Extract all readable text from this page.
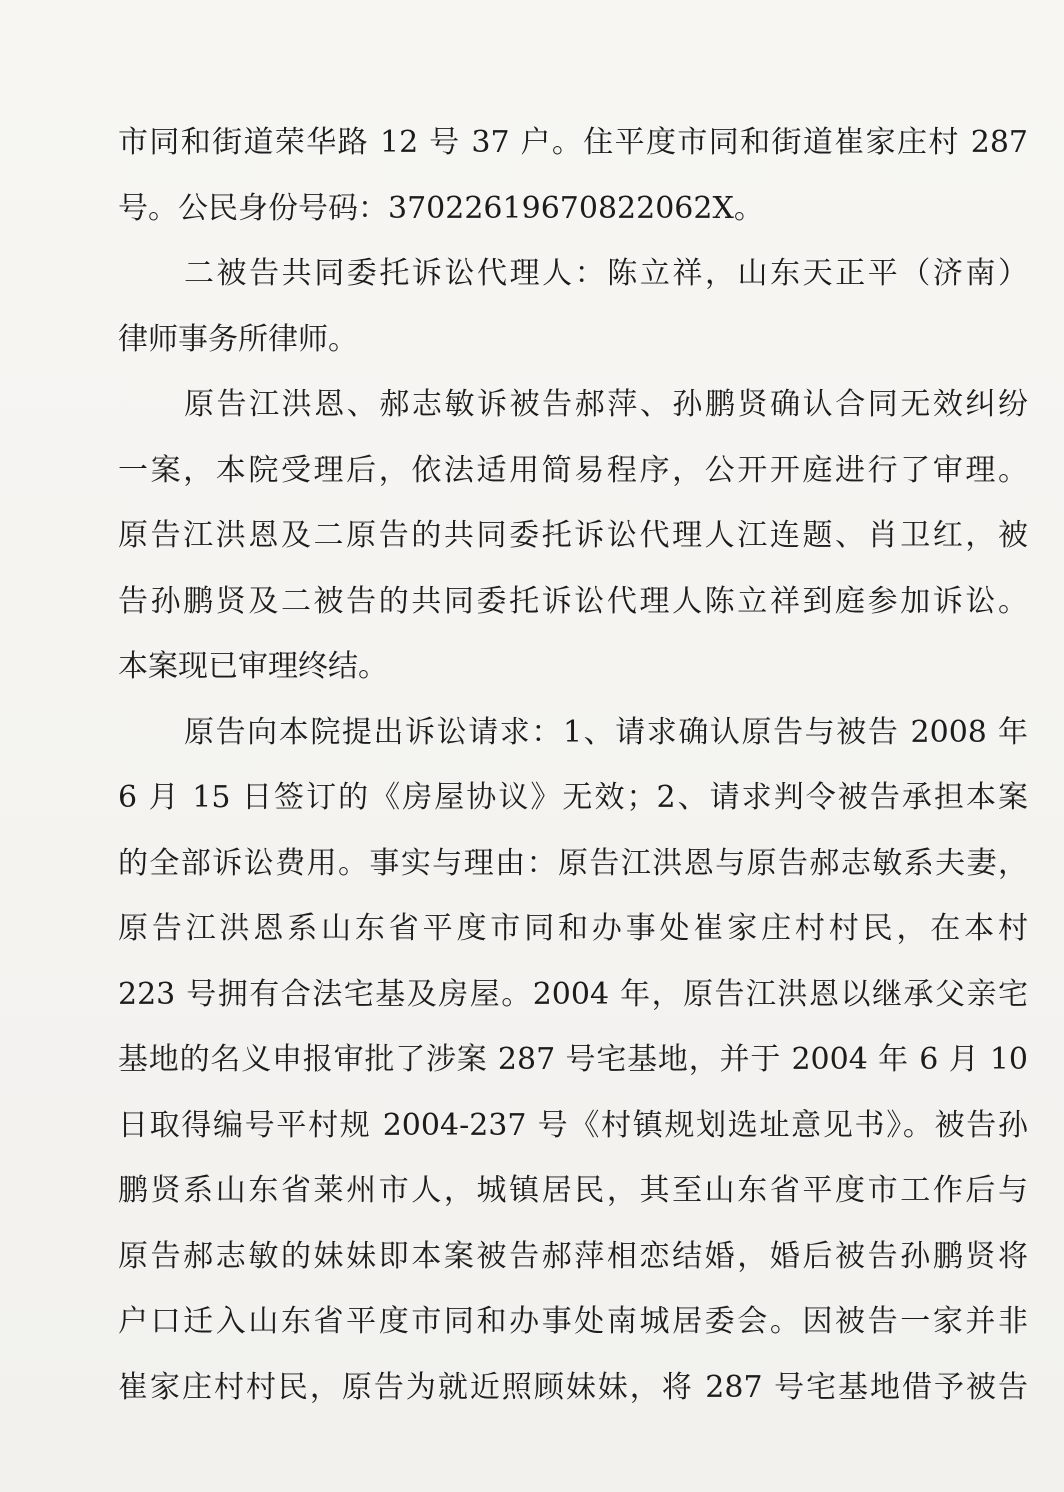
市同和街道荣华路 12 号 37 户。住平度市同和街道崔家庄村 287
号。公民身份号码：37022619670822062X。
二被告共同委托诉讼代理人：陈立祥，山东天正平（济南）
律师事务所律师。
原告江洪恩、郝志敏诉被告郝萍、孙鹏贤确认合同无效纠纷
一案，本院受理后，依法适用简易程序，公开开庭进行了审理。
原告江洪恩及二原告的共同委托诉讼代理人江连题、肖卫红，被
告孙鹏贤及二被告的共同委托诉讼代理人陈立祥到庭参加诉讼。
本案现已审理终结。
原告向本院提出诉讼请求：1、请求确认原告与被告 2008 年
6 月 15 日签订的《房屋协议》无效；2、请求判令被告承担本案
的全部诉讼费用。事实与理由：原告江洪恩与原告郝志敏系夫妻，
原告江洪恩系山东省平度市同和办事处崔家庄村村民，在本村
223 号拥有合法宅基及房屋。2004 年，原告江洪恩以继承父亲宅
基地的名义申报审批了涉案 287 号宅基地，并于 2004 年 6 月 10
日取得编号平村规 2004-237 号《村镇规划选址意见书》。被告孙
鹏贤系山东省莱州市人，城镇居民，其至山东省平度市工作后与
原告郝志敏的妹妹即本案被告郝萍相恋结婚，婚后被告孙鹏贤将
户口迁入山东省平度市同和办事处南城居委会。因被告一家并非
崔家庄村村民，原告为就近照顾妹妹，将 287 号宅基地借予被告
